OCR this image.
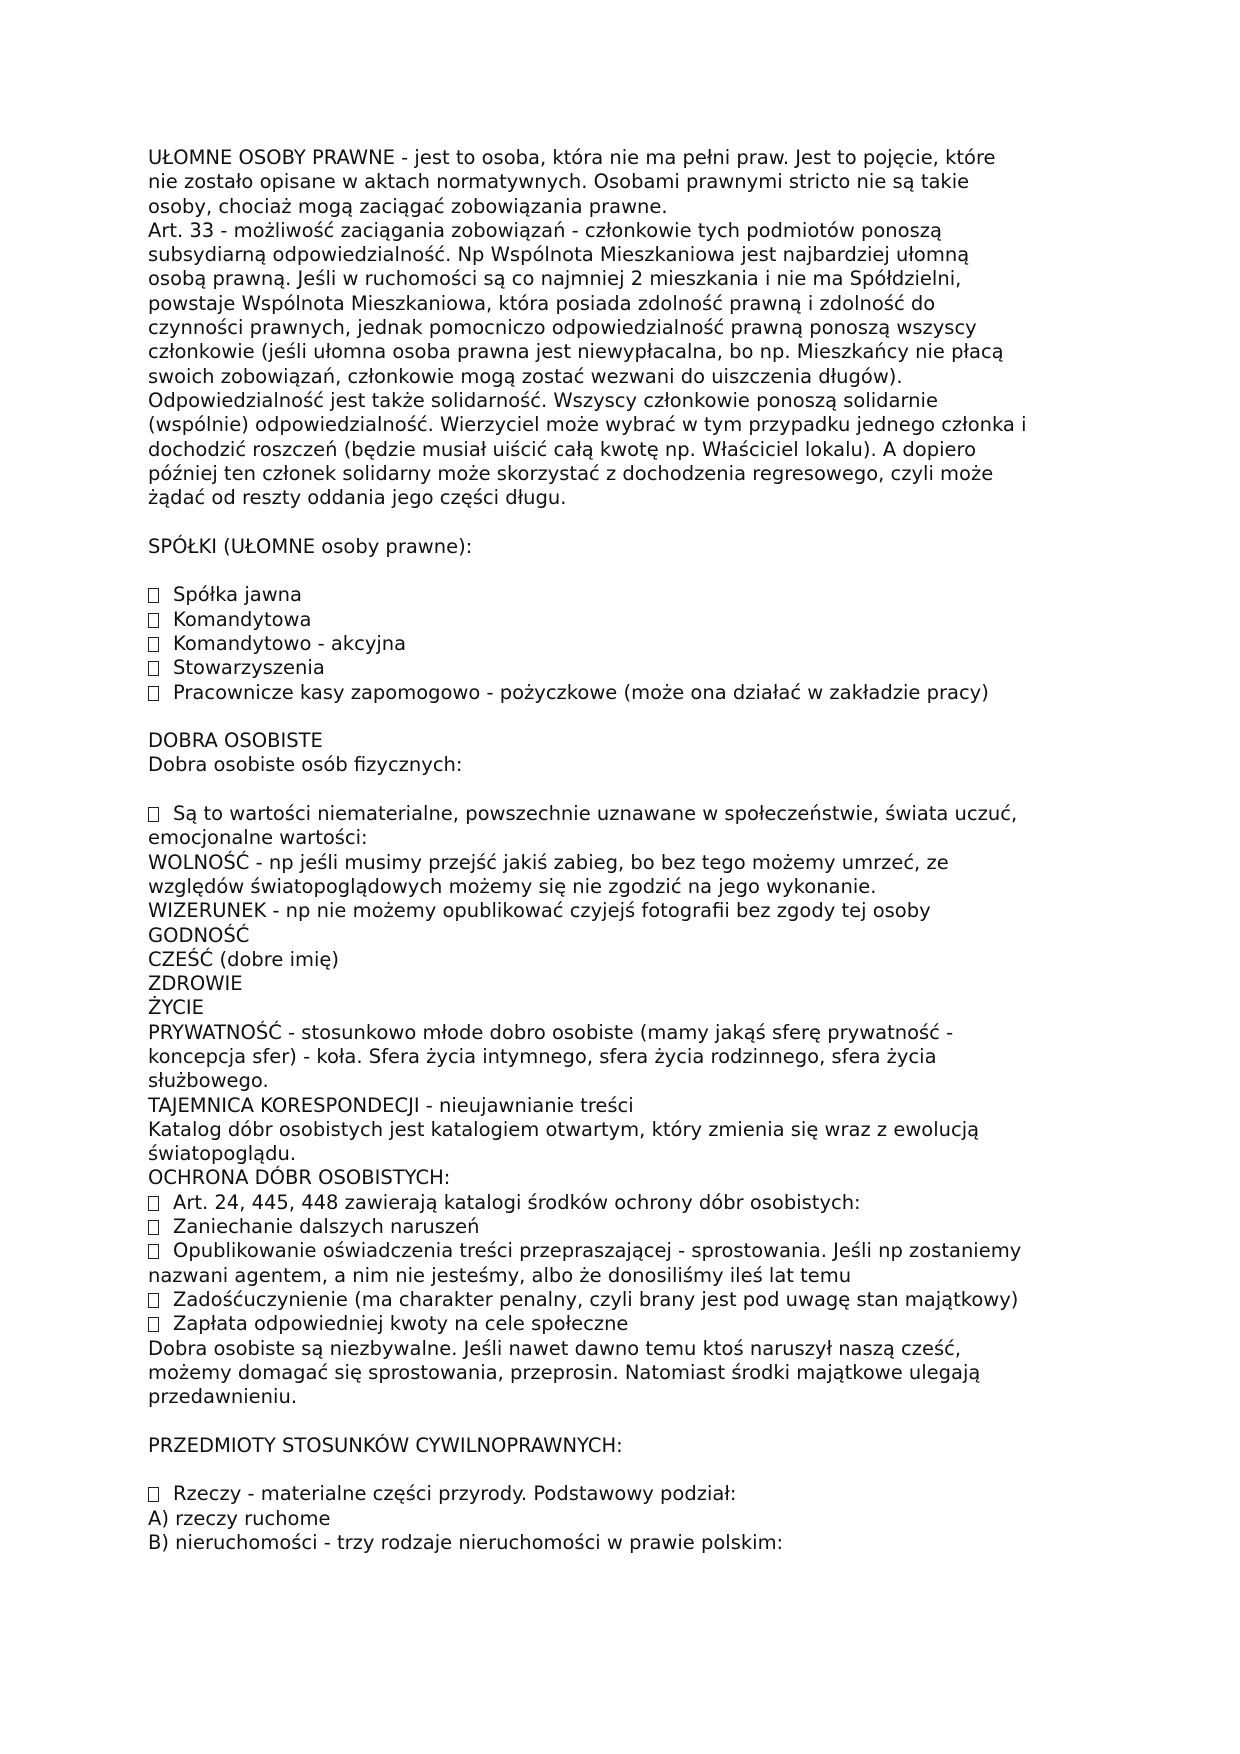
UŁOMNE OSOBY PRAWNE - jest to osoba, która nie ma pełni praw. Jest to pojęcie, które
nie zostało opisane w aktach normatywnych. Osobami prawnymi stricto nie są takie
osoby, chociaż mogą zaciągać zobowiązania prawne.
Art. 33 - możliwość zaciągania zobowiązań - członkowie tych podmiotów ponoszą
subsydiarną odpowiedzialność. Np Wspólnota Mieszkaniowa jest najbardziej ułomną
osobą prawną. Jeśli w ruchomości są co najmniej 2 mieszkania i nie ma Spółdzielni,
powstaje Wspólnota Mieszkaniowa, która posiada zdolność prawną i zdolność do
czynności prawnych, jednak pomocniczo odpowiedzialność prawną ponoszą wszyscy
członkowie (jeśli ułomna osoba prawna jest niewypłacalna, bo np. Mieszkańcy nie płacą
swoich zobowiązań, członkowie mogą zostać wezwani do uiszczenia długów).
Odpowiedzialność jest także solidarność. Wszyscy członkowie ponoszą solidarnie
(wspólnie) odpowiedzialność. Wierzyciel może wybrać w tym przypadku jednego członka i
dochodzić roszczeń (będzie musiał uiścić całą kwotę np. Właściciel lokalu). A dopiero
później ten członek solidarny może skorzystać z dochodzenia regresowego, czyli może
żądać od reszty oddania jego części długu.
SPÓŁKI (UŁOMNE osoby prawne):
Spółka jawna
Komandytowa
Komandytowo - akcyjna
Stowarzyszenia
Pracownicze kasy zapomogowo - pożyczkowe (może ona działać w zakładzie pracy)
DOBRA OSOBISTE
Dobra osobiste osób fizycznych:
Są to wartości niematerialne, powszechnie uznawane w społeczeństwie, świata uczuć,
emocjonalne wartości:
WOLNOŚĆ - np jeśli musimy przejść jakiś zabieg, bo bez tego możemy umrzeć, ze
względów światopoglądowych możemy się nie zgodzić na jego wykonanie.
WIZERUNEK - np nie możemy opublikować czyjejś fotografii bez zgody tej osoby
GODNOŚĆ
CZEŚĆ (dobre imię)
ZDROWIE
ŻYCIE
PRYWATNOŚĆ - stosunkowo młode dobro osobiste (mamy jakąś sferę prywatność -
koncepcja sfer) - koła. Sfera życia intymnego, sfera życia rodzinnego, sfera życia
służbowego.
TAJEMNICA KORESPONDECJI - nieujawnianie treści
Katalog dóbr osobistych jest katalogiem otwartym, który zmienia się wraz z ewolucją
światopoglądu.
OCHRONA DÓBR OSOBISTYCH:
Art. 24, 445, 448 zawierają katalogi środków ochrony dóbr osobistych:
Zaniechanie dalszych naruszeń
Opublikowanie oświadczenia treści przepraszającej - sprostowania. Jeśli np zostaniemy
nazwani agentem, a nim nie jesteśmy, albo że donosiliśmy ileś lat temu
Zadośćuczynienie (ma charakter penalny, czyli brany jest pod uwagę stan majątkowy)
Zapłata odpowiedniej kwoty na cele społeczne
Dobra osobiste są niezbywalne. Jeśli nawet dawno temu ktoś naruszył naszą cześć,
możemy domagać się sprostowania, przeprosin. Natomiast środki majątkowe ulegają
przedawnieniu.
PRZEDMIOTY STOSUNKÓW CYWILNOPRAWNYCH:
Rzeczy - materialne części przyrody. Podstawowy podział:
A) rzeczy ruchome
B) nieruchomości - trzy rodzaje nieruchomości w prawie polskim:
